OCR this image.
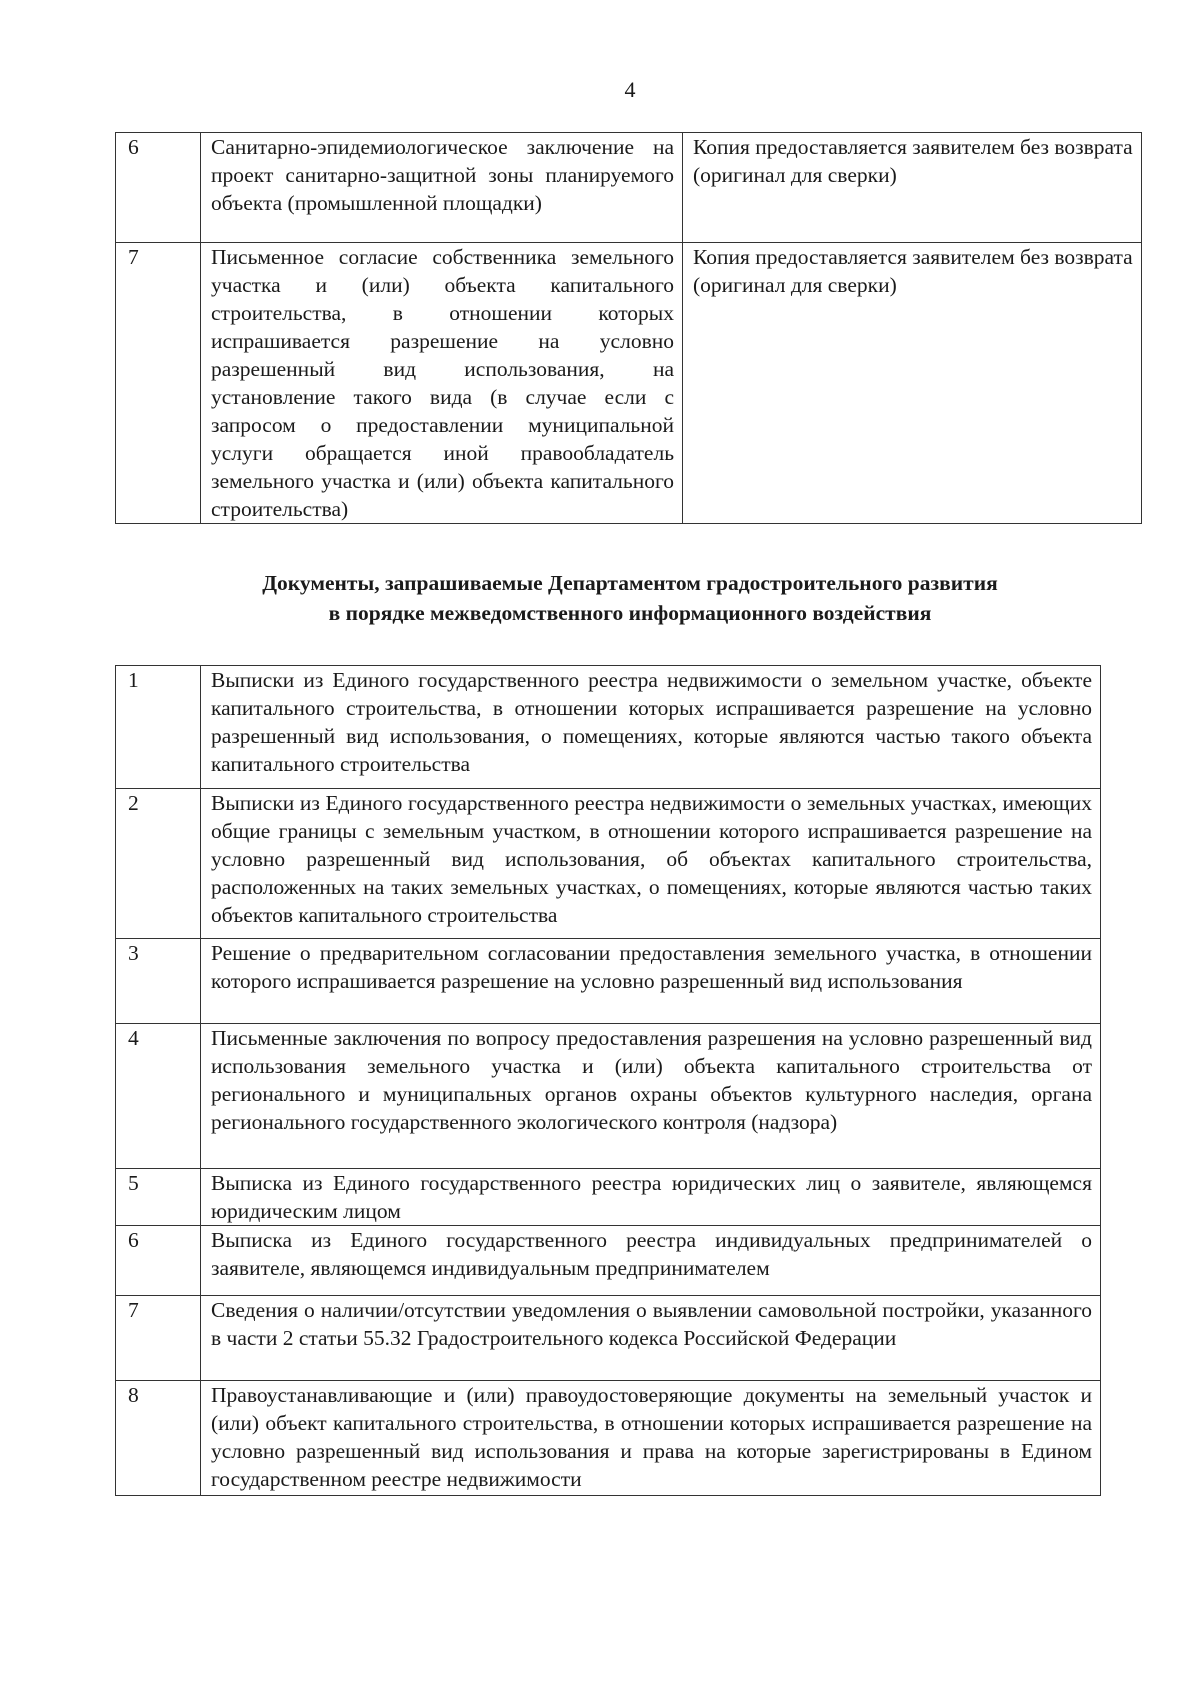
4
6	Санитарно-эпидемиологическое заключение на проект санитарно-защитной зоны планируемого объекта (промышленной площадки)	Копия предоставляется заявителем без возврата (оригинал для сверки)
7	Письменное согласие собственника земельного участка и (или) объекта капитального строительства, в отношении которых испрашивается разрешение на условно разрешенный вид использования, на установление такого вида (в случае если с запросом о предоставлении муниципальной услуги обращается иной правообладатель земельного участка и (или) объекта капитального строительства)	Копия предоставляется заявителем без возврата (оригинал для сверки)
Документы, запрашиваемые Департаментом градостроительного развития
в порядке межведомственного информационного воздействия
1	Выписки из Единого государственного реестра недвижимости о земельном участке, объекте капитального строительства, в отношении которых испрашивается разрешение на условно разрешенный вид использования, о помещениях, которые являются частью такого объекта капитального строительства
2	Выписки из Единого государственного реестра недвижимости о земельных участках, имеющих общие границы с земельным участком, в отношении которого испрашивается разрешение на условно разрешенный вид использования, об объектах капитального строительства, расположенных на таких земельных участках, о помещениях, которые являются частью таких объектов капитального строительства
3	Решение о предварительном согласовании предоставления земельного участка, в отношении которого испрашивается разрешение на условно разрешенный вид использования
4	Письменные заключения по вопросу предоставления разрешения на условно разрешенный вид использования земельного участка и (или) объекта капитального строительства от регионального и муниципальных органов охраны объектов культурного наследия, органа регионального государственного экологического контроля (надзора)
5	Выписка из Единого государственного реестра юридических лиц о заявителе, являющемся юридическим лицом
6	Выписка из Единого государственного реестра индивидуальных предпринимателей о заявителе, являющемся индивидуальным предпринимателем
7	Сведения о наличии/отсутствии уведомления о выявлении самовольной постройки, указанного в части 2 статьи 55.32 Градостроительного кодекса Российской Федерации
8	Правоустанавливающие и (или) правоудостоверяющие документы на земельный участок и (или) объект капитального строительства, в отношении которых испрашивается разрешение на условно разрешенный вид использования и права на которые зарегистрированы в Едином государственном реестре недвижимости
